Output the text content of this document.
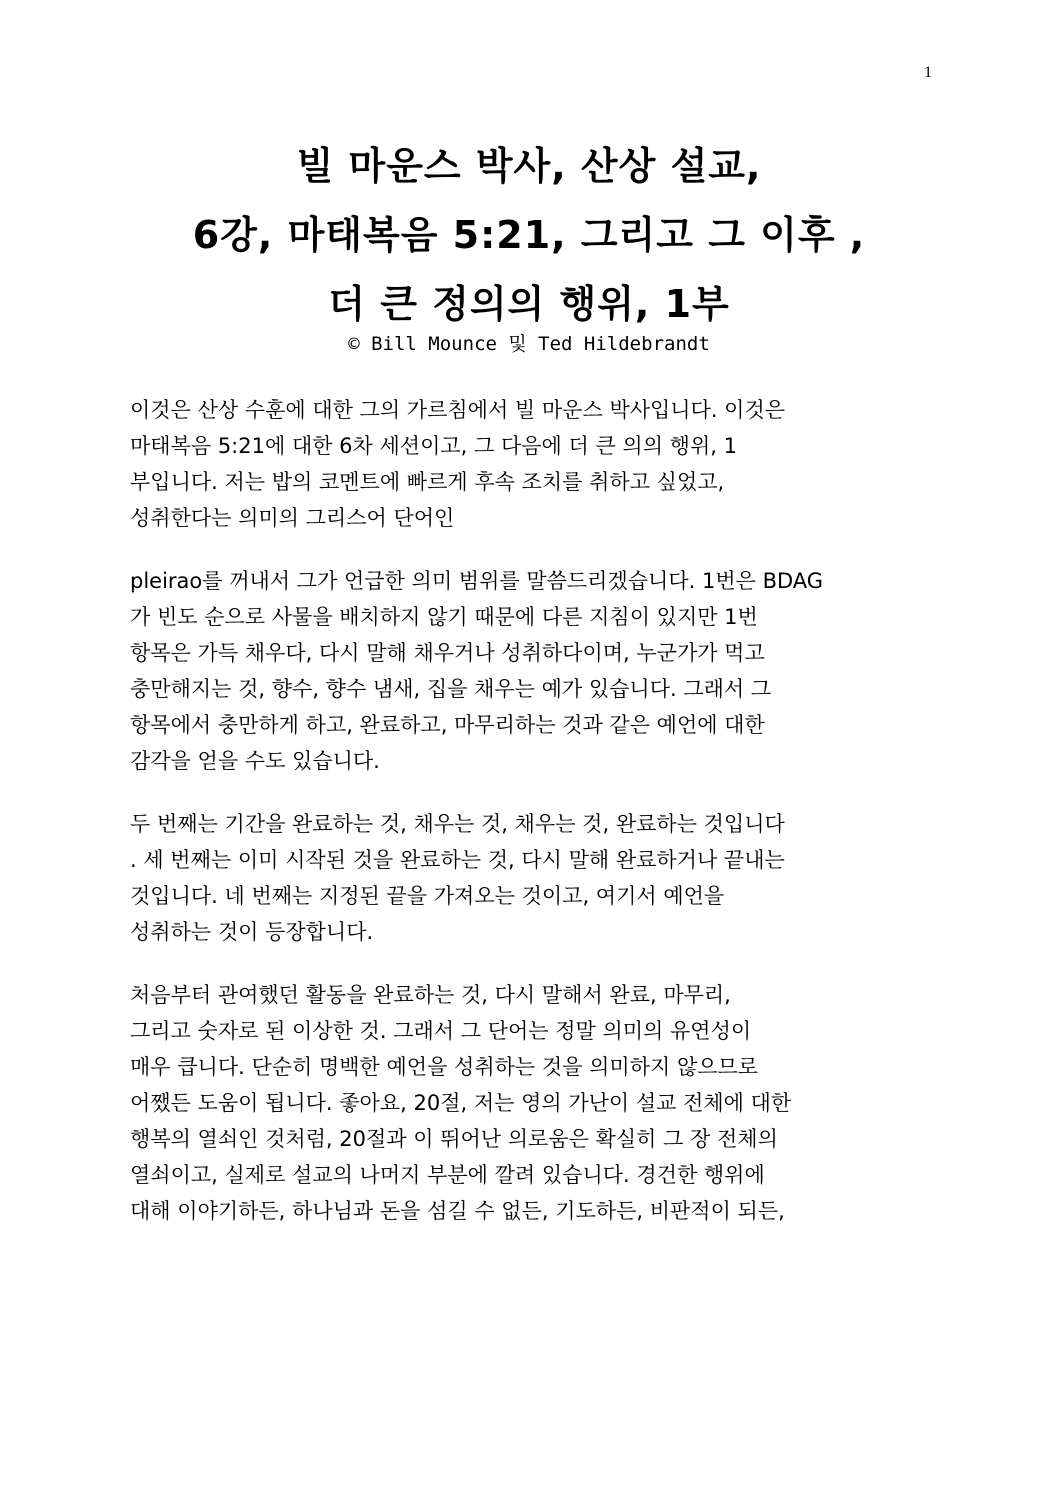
1
빌 마운스 박사, 산상 설교,
6강, 마태복음 5:21, 그리고 그 이후 ,
더 큰 정의의 행위, 1부
© Bill Mounce 및 Ted Hildebrandt
이것은 산상 수훈에 대한 그의 가르침에서 빌 마운스 박사입니다. 이것은
마태복음 5:21에 대한 6차 세션이고, 그 다음에 더 큰 의의 행위, 1
부입니다. 저는 밥의 코멘트에 빠르게 후속 조치를 취하고 싶었고,
성취한다는 의미의 그리스어 단어인
pleirao를 꺼내서 그가 언급한 의미 범위를 말씀드리겠습니다. 1번은 BDAG
가 빈도 순으로 사물을 배치하지 않기 때문에 다른 지침이 있지만 1번
항목은 가득 채우다, 다시 말해 채우거나 성취하다이며, 누군가가 먹고
충만해지는 것, 향수, 향수 냄새, 집을 채우는 예가 있습니다. 그래서 그
항목에서 충만하게 하고, 완료하고, 마무리하는 것과 같은 예언에 대한
감각을 얻을 수도 있습니다.
두 번째는 기간을 완료하는 것, 채우는 것, 채우는 것, 완료하는 것입니다
. 세 번째는 이미 시작된 것을 완료하는 것, 다시 말해 완료하거나 끝내는
것입니다. 네 번째는 지정된 끝을 가져오는 것이고, 여기서 예언을
성취하는 것이 등장합니다.
처음부터 관여했던 활동을 완료하는 것, 다시 말해서 완료, 마무리,
그리고 숫자로 된 이상한 것. 그래서 그 단어는 정말 의미의 유연성이
매우 큽니다. 단순히 명백한 예언을 성취하는 것을 의미하지 않으므로
어쨌든 도움이 됩니다. 좋아요, 20절, 저는 영의 가난이 설교 전체에 대한
행복의 열쇠인 것처럼, 20절과 이 뛰어난 의로움은 확실히 그 장 전체의
열쇠이고, 실제로 설교의 나머지 부분에 깔려 있습니다. 경건한 행위에
대해 이야기하든, 하나님과 돈을 섬길 수 없든, 기도하든, 비판적이 되든,
